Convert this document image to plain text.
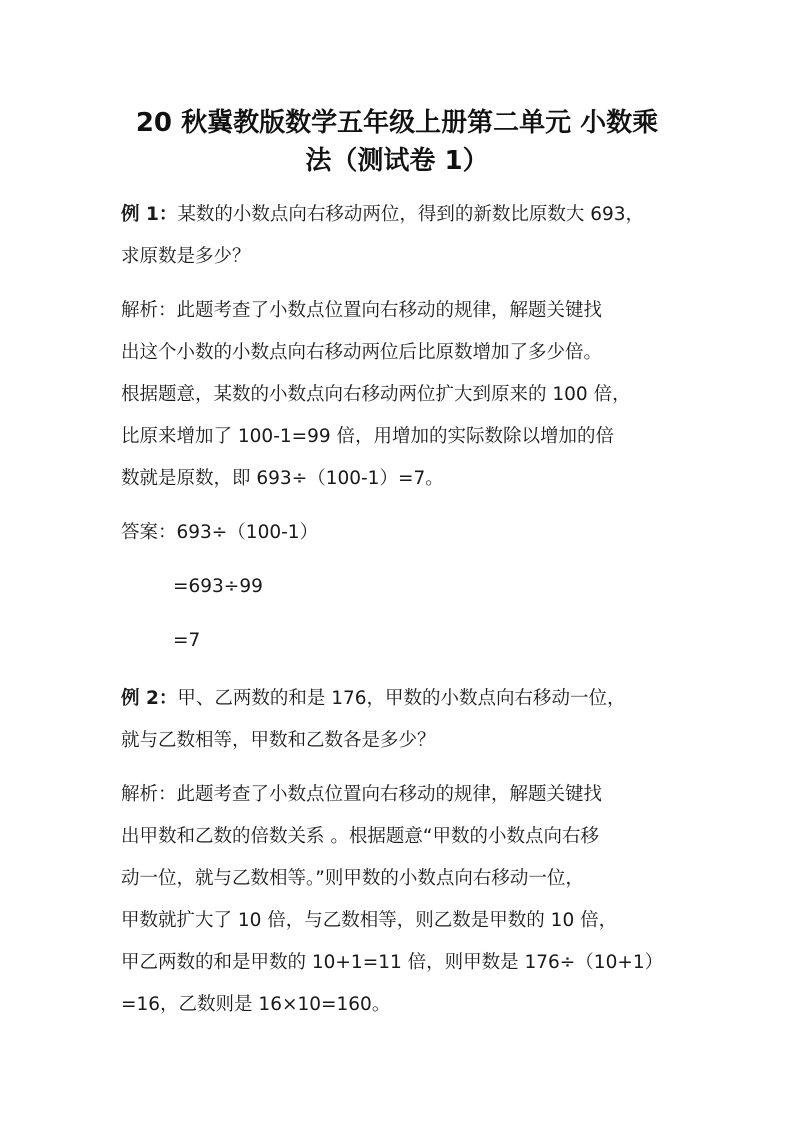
20 秋冀教版数学五年级上册第二单元 小数乘
法（测试卷 1）
例 1：某数的小数点向右移动两位，得到的新数比原数大 693，
求原数是多少？
解析：此题考查了小数点位置向右移动的规律，解题关键找
出这个小数的小数点向右移动两位后比原数增加了多少倍。
根据题意，某数的小数点向右移动两位扩大到原来的 100 倍，
比原来增加了 100-1=99 倍，用增加的实际数除以增加的倍
数就是原数，即 693÷（100-1）=7。
答案：693÷（100-1）
=693÷99
=7
例 2：甲、乙两数的和是 176，甲数的小数点向右移动一位，
就与乙数相等，甲数和乙数各是多少？
解析：此题考查了小数点位置向右移动的规律，解题关键找
出甲数和乙数的倍数关系 。根据题意“甲数的小数点向右移
动一位，就与乙数相等。”则甲数的小数点向右移动一位，
甲数就扩大了 10 倍，与乙数相等，则乙数是甲数的 10 倍，
甲乙两数的和是甲数的 10+1=11 倍，则甲数是 176÷（10+1）
=16，乙数则是 16×10=160。
